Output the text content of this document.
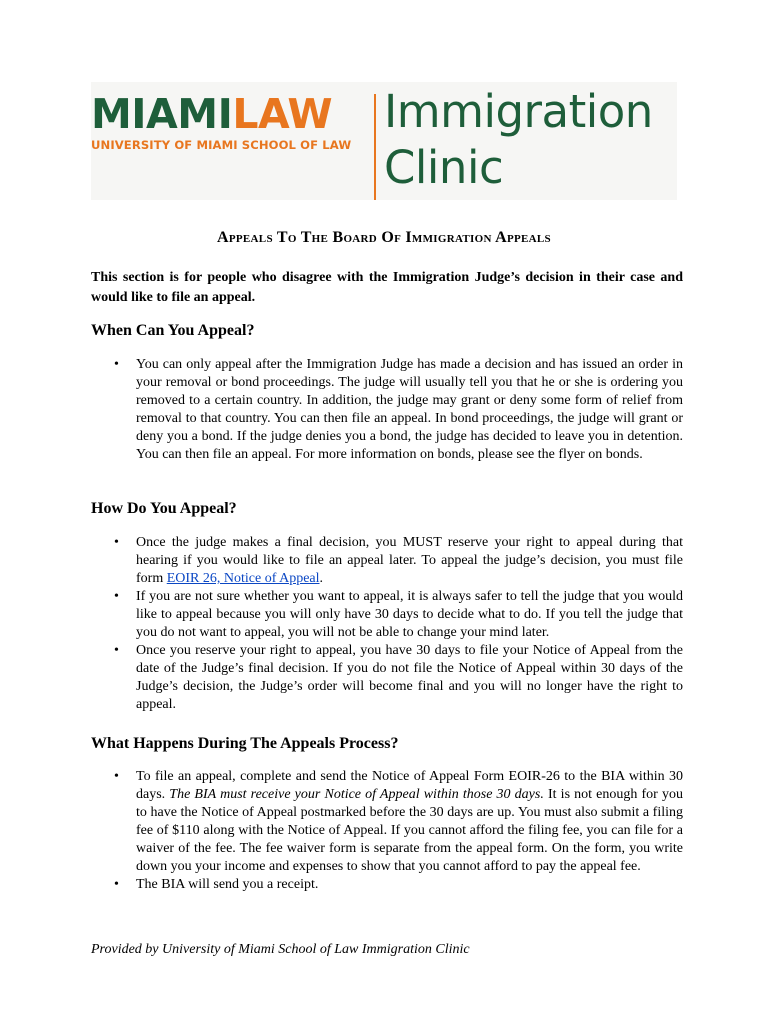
MIAMILAW
UNIVERSITY OF MIAMI SCHOOL OF LAW
Immigration
Clinic
Appeals To The Board Of Immigration Appeals
This section is for people who disagree with the Immigration Judge’s decision in their case and would like to file an appeal.
When Can You Appeal?
• You can only appeal after the Immigration Judge has made a decision and has issued an order in your removal or bond proceedings. The judge will usually tell you that he or she is ordering you removed to a certain country. In addition, the judge may grant or deny some form of relief from removal to that country. You can then file an appeal. In bond proceedings, the judge will grant or deny you a bond. If the judge denies you a bond, the judge has decided to leave you in detention. You can then file an appeal. For more information on bonds, please see the flyer on bonds.
How Do You Appeal?
• Once the judge makes a final decision, you MUST reserve your right to appeal during that hearing if you would like to file an appeal later. To appeal the judge’s decision, you must file form EOIR 26, Notice of Appeal.
• If you are not sure whether you want to appeal, it is always safer to tell the judge that you would like to appeal because you will only have 30 days to decide what to do. If you tell the judge that you do not want to appeal, you will not be able to change your mind later.
• Once you reserve your right to appeal, you have 30 days to file your Notice of Appeal from the date of the Judge’s final decision. If you do not file the Notice of Appeal within 30 days of the Judge’s decision, the Judge’s order will become final and you will no longer have the right to appeal.
What Happens During The Appeals Process?
• To file an appeal, complete and send the Notice of Appeal Form EOIR-26 to the BIA within 30 days. The BIA must receive your Notice of Appeal within those 30 days. It is not enough for you to have the Notice of Appeal postmarked before the 30 days are up. You must also submit a filing fee of $110 along with the Notice of Appeal. If you cannot afford the filing fee, you can file for a waiver of the fee. The fee waiver form is separate from the appeal form. On the form, you write down you your income and expenses to show that you cannot afford to pay the appeal fee.
• The BIA will send you a receipt.
Provided by University of Miami School of Law Immigration Clinic
